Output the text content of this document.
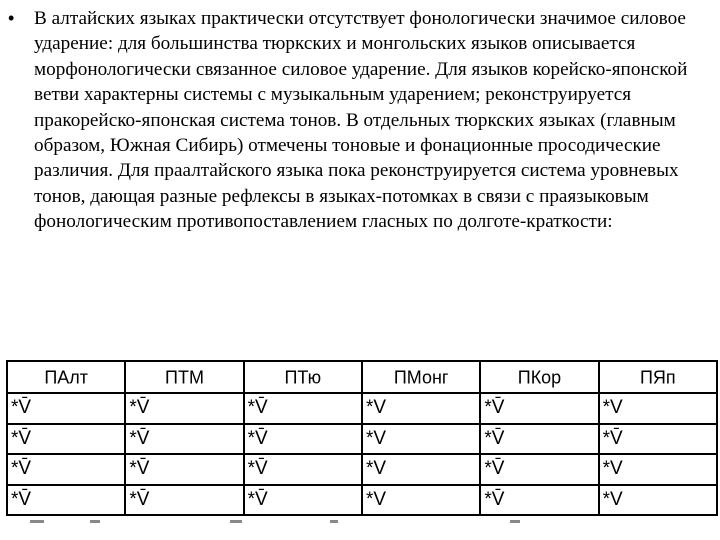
•	В алтайских языках практически отсутствует фонологически значимое силовое ударение: для большинства тюркских и монгольских языков описывается морфонологически связанное силовое ударение. Для языков корейско-японской ветви характерны системы с музыкальным ударением; реконструируется пракорейско-японская система тонов. В отдельных тюркских языках (главным образом, Южная Сибирь) отмечены тоновые и фонационные просодические различия. Для праалтайского языка пока реконструируется система уровневых тонов, дающая разные рефлексы в языках-потомках в связи с праязыковым фонологическим противопоставлением гласных по долготе-краткости:

ПАлт	ПТМ	ПТю	ПМонг	ПКор	ПЯп
*V̄	*V̄	*V̄	*V	*V̄	*V
*V̄	*V̄	*V̄	*V	*V̄	*V̄
*V̄	*V̄	*V̄	*V	*V̄	*V
*V̄	*V̄	*V̄	*V	*V̄	*V
